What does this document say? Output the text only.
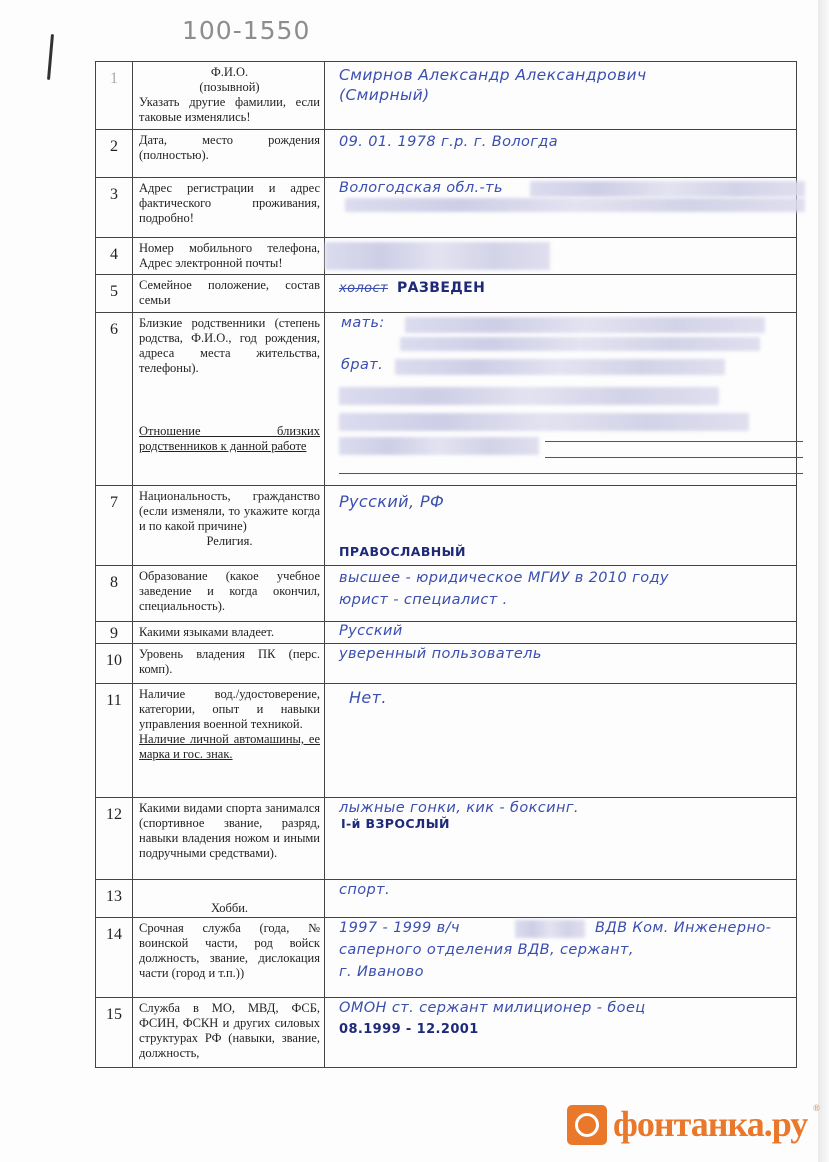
100-1550
1	Ф.И.О.
(позывной)
Указать другие фамилии, если таковые изменялись!	Смирнов Александр Александрович
(Смирный)

2	Дата, место рождения (полностью).	09. 01. 1978 г.р. г. Вологда

3	Адрес регистрации и адрес фактического проживания, подробно!	Вологодская обл.-ть

4	Номер мобильного телефона, Адрес электронной почты!	

5	Семейное положение, состав семьи	холост РАЗВЕДЕН

6	Близкие родственники (степень родства, Ф.И.О., год рождения, адреса места жительства, телефоны).
Отношение близких родственников к данной работе	мать:
брат.

7	Национальность, гражданство (если изменяли, то укажите когда и по какой причине)
Религия.	Русский, РФ
ПРАВОСЛАВНЫЙ

8	Образование (какое учебное заведение и когда окончил, специальность).	высшее - юридическое МГИУ в 2010 году
юрист - специалист .

9	Какими языками владеет.	Русский

10	Уровень владения ПК (перс. комп).	уверенный пользователь

11	Наличие вод./удостоверение, категории, опыт и навыки управления военной техникой.
Наличие личной автомашины, ее марка и гос. знак.	Нет.

12	Какими видами спорта занимался (спортивное звание, разряд, навыки владения ножом и иными подручными средствами).	лыжные гонки, кик - боксинг.
I-й ВЗРОСЛЫЙ

13	Хобби.	спорт.

14	Срочная служба (года, № воинской части, род войск должность, звание, дислокация части (город и т.п.))	1997 - 1999 в/ч ВДВ Ком. Инженерно-
саперного отделения ВДВ, сержант,
г. Иваново

15	Служба в МО, МВД, ФСБ, ФСИН, ФСКН и других силовых структурах РФ (навыки, звание, должность,	ОМОН ст. сержант милиционер - боец
08.1999 - 12.2001
фонтанка.ру ®
